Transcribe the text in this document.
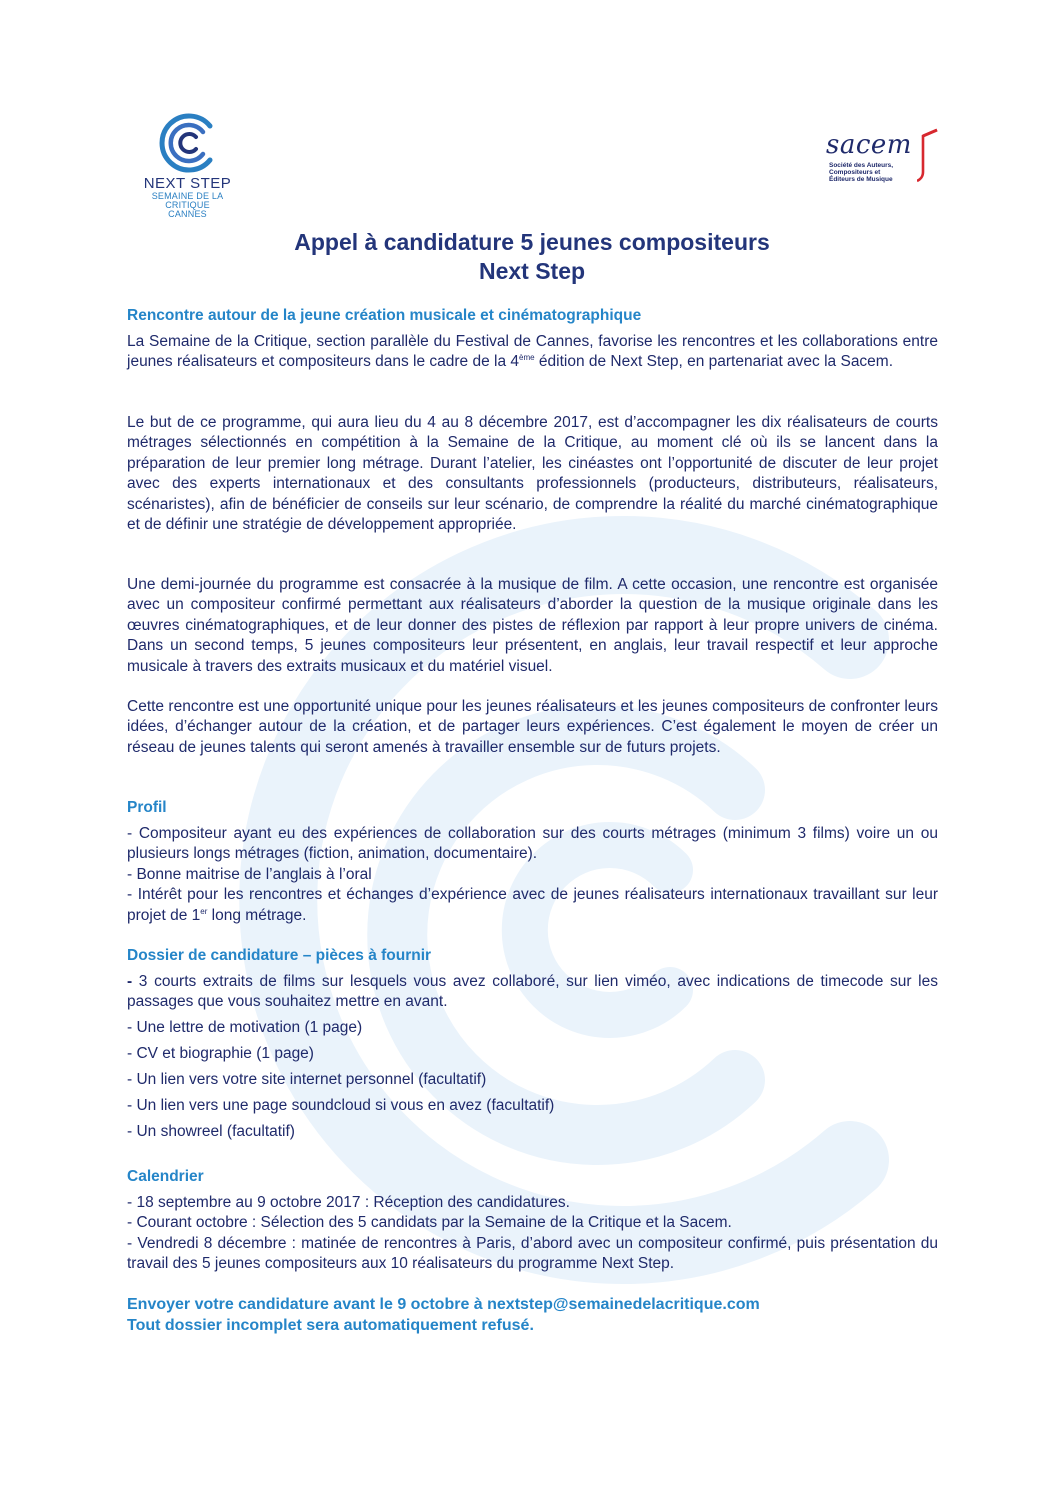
NEXT STEP
SEMAINE DE LA CRITIQUE
CANNES
sacem
Société des Auteurs,
Compositeurs et
Éditeurs de Musique
Appel à candidature 5 jeunes compositeurs
Next Step
Rencontre autour de la jeune création musicale et cinématographique

La Semaine de la Critique, section parallèle du Festival de Cannes, favorise les rencontres et les collaborations entre jeunes réalisateurs et compositeurs dans le cadre de la 4ème édition de Next Step, en partenariat avec la Sacem.

Le but de ce programme, qui aura lieu du 4 au 8 décembre 2017, est d’accompagner les dix réalisateurs de courts métrages sélectionnés en compétition à la Semaine de la Critique, au moment clé où ils se lancent dans la préparation de leur premier long métrage. Durant l’atelier, les cinéastes ont l’opportunité de discuter de leur projet avec des experts internationaux et des consultants professionnels (producteurs, distributeurs, réalisateurs, scénaristes), afin de bénéficier de conseils sur leur scénario, de comprendre la réalité du marché cinématographique et de définir une stratégie de développement appropriée.

Une demi-journée du programme est consacrée à la musique de film. A cette occasion, une rencontre est organisée avec un compositeur confirmé permettant aux réalisateurs d’aborder la question de la musique originale dans les œuvres cinématographiques, et de leur donner des pistes de réflexion par rapport à leur propre univers de cinéma. Dans un second temps, 5 jeunes compositeurs leur présentent, en anglais, leur travail respectif et leur approche musicale à travers des extraits musicaux et du matériel visuel.

Cette rencontre est une opportunité unique pour les jeunes réalisateurs et les jeunes compositeurs de confronter leurs idées, d’échanger autour de la création, et de partager leurs expériences. C’est également le moyen de créer un réseau de jeunes talents qui seront amenés à travailler ensemble sur de futurs projets.

Profil

- Compositeur ayant eu des expériences de collaboration sur des courts métrages (minimum 3 films) voire un ou plusieurs longs métrages (fiction, animation, documentaire).

- Bonne maitrise de l’anglais à l’oral

- Intérêt pour les rencontres et échanges d’expérience avec de jeunes réalisateurs internationaux travaillant sur leur projet de 1er long métrage.

Dossier de candidature – pièces à fournir

- 3 courts extraits de films sur lesquels vous avez collaboré, sur lien viméo, avec indications de timecode sur les passages que vous souhaitez mettre en avant.

- Une lettre de motivation (1 page)

- CV et biographie (1 page)

- Un lien vers votre site internet personnel (facultatif)

- Un lien vers une page soundcloud si vous en avez (facultatif)

- Un showreel (facultatif)

Calendrier

- 18 septembre au 9 octobre 2017 : Réception des candidatures.

- Courant octobre : Sélection des 5 candidats par la Semaine de la Critique et la Sacem.

- Vendredi 8 décembre : matinée de rencontres à Paris, d’abord avec un compositeur confirmé, puis présentation du travail des 5 jeunes compositeurs aux 10 réalisateurs du programme Next Step.

Envoyer votre candidature avant le 9 octobre à nextstep@semainedelacritique.com
Tout dossier incomplet sera automatiquement refusé.
